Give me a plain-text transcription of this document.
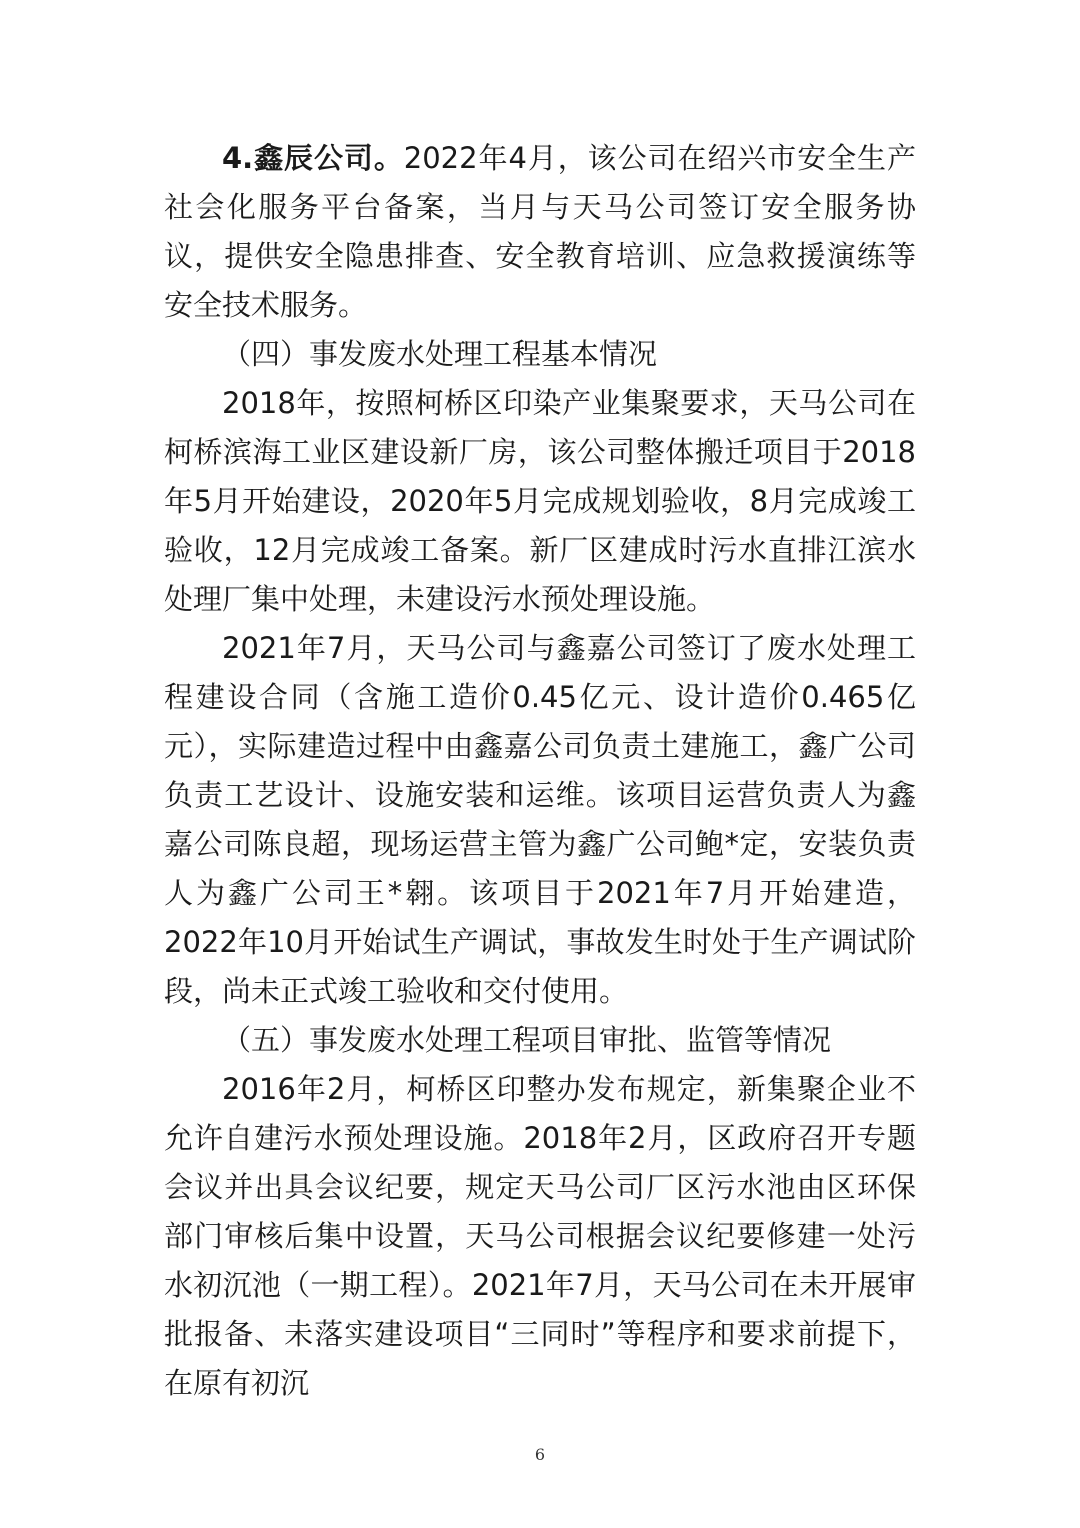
4.鑫辰公司。2022年4月，该公司在绍兴市安全生产社会化服务平台备案，当月与天马公司签订安全服务协议，提供安全隐患排查、安全教育培训、应急救援演练等安全技术服务。

（四）事发废水处理工程基本情况

2018年，按照柯桥区印染产业集聚要求，天马公司在柯桥滨海工业区建设新厂房，该公司整体搬迁项目于2018年5月开始建设，2020年5月完成规划验收，8月完成竣工验收，12月完成竣工备案。新厂区建成时污水直排江滨水处理厂集中处理，未建设污水预处理设施。

2021年7月，天马公司与鑫嘉公司签订了废水处理工程建设合同（含施工造价0.45亿元、设计造价0.465亿元），实际建造过程中由鑫嘉公司负责土建施工，鑫广公司负责工艺设计、设施安装和运维。该项目运营负责人为鑫嘉公司陈良超，现场运营主管为鑫广公司鲍*定，安装负责人为鑫广公司王*翱。该项目于2021年7月开始建造，2022年10月开始试生产调试，事故发生时处于生产调试阶段，尚未正式竣工验收和交付使用。

（五）事发废水处理工程项目审批、监管等情况

2016年2月，柯桥区印整办发布规定，新集聚企业不允许自建污水预处理设施。2018年2月，区政府召开专题会议并出具会议纪要，规定天马公司厂区污水池由区环保部门审核后集中设置，天马公司根据会议纪要修建一处污水初沉池（一期工程）。2021年7月，天马公司在未开展审批报备、未落实建设项目“三同时”等程序和要求前提下，在原有初沉

6
